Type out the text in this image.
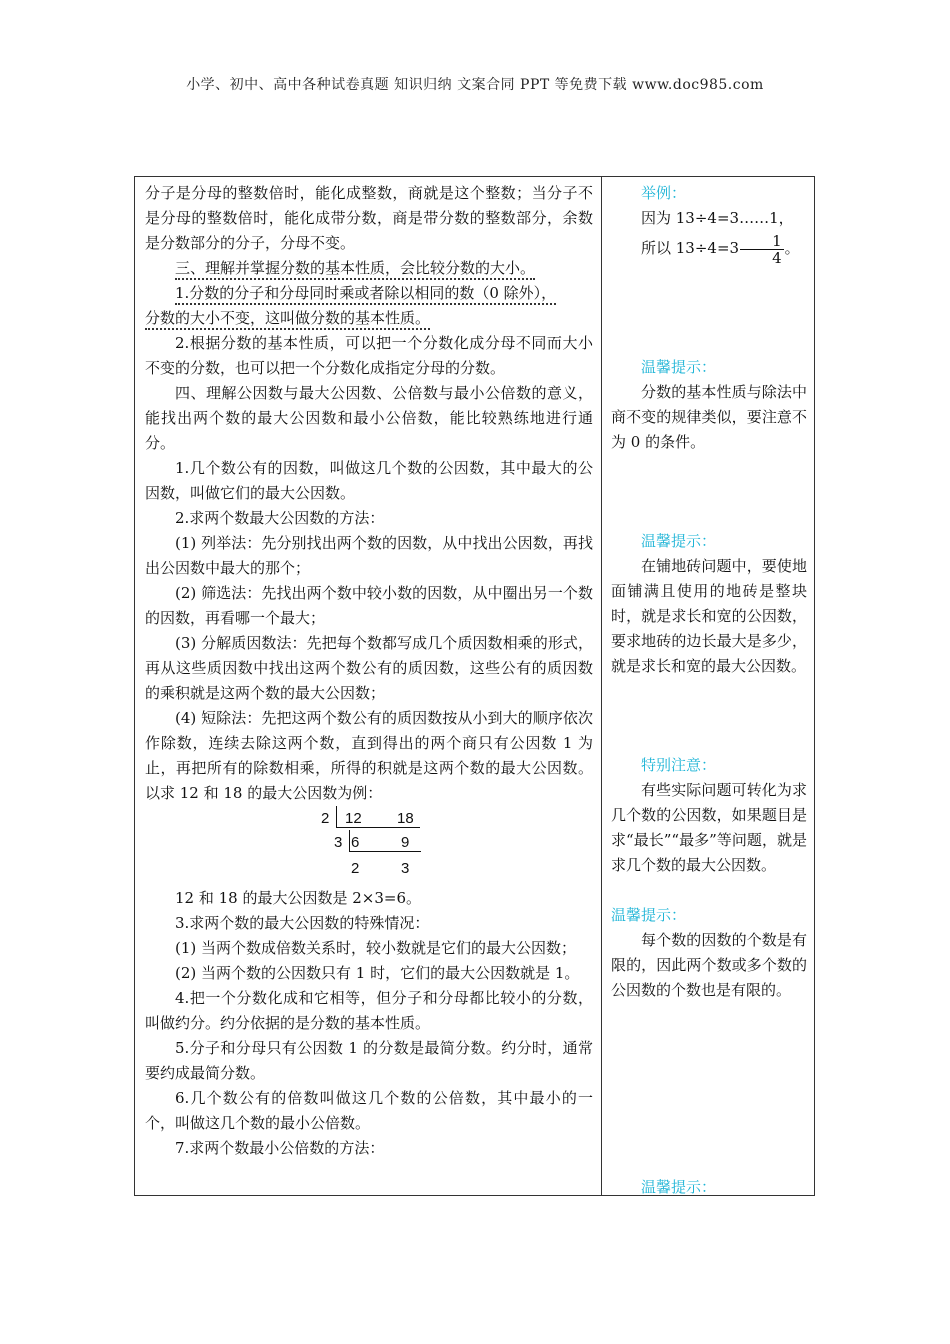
小学、初中、高中各种试卷真题 知识归纳 文案合同 PPT 等免费下载 www.doc985.com

分子是分母的整数倍时，能化成整数，商就是这个整数；当分子不是分母的整数倍时，能化成带分数，商是带分数的整数部分，余数是分数部分的分子，分母不变。

三、理解并掌握分数的基本性质，会比较分数的大小。

1.分数的分子和分母同时乘或者除以相同的数（0 除外），
分数的大小不变，这叫做分数的基本性质。

2.根据分数的基本性质，可以把一个分数化成分母不同而大小不变的分数，也可以把一个分数化成指定分母的分数。

四、理解公因数与最大公因数、公倍数与最小公倍数的意义，能找出两个数的最大公因数和最小公倍数，能比较熟练地进行通分。

1.几个数公有的因数，叫做这几个数的公因数，其中最大的公因数，叫做它们的最大公因数。

2.求两个数最大公因数的方法：

(1) 列举法：先分别找出两个数的因数，从中找出公因数，再找出公因数中最大的那个；

(2) 筛选法：先找出两个数中较小数的因数，从中圈出另一个数的因数，再看哪一个最大；

(3) 分解质因数法：先把每个数都写成几个质因数相乘的形式，再从这些质因数中找出这两个数公有的质因数，这些公有的质因数的乘积就是这两个数的最大公因数；

(4) 短除法：先把这两个数公有的质因数按从小到大的顺序依次作除数，连续去除这两个数，直到得出的两个商只有公因数 1 为止，再把所有的除数相乘，所得的积就是这两个数的最大公因数。以求 12 和 18 的最大公因数为例：

2 12 18
3 6	9
2	3

12 和 18 的最大公因数是 2×3=6。

3.求两个数的最大公因数的特殊情况：

(1) 当两个数成倍数关系时，较小数就是它们的最大公因数；

(2) 当两个数的公因数只有 1 时，它们的最大公因数就是 1。

4.把一个分数化成和它相等，但分子和分母都比较小的分数，叫做约分。约分依据的是分数的基本性质。

5.分子和分母只有公因数 1 的分数是最简分数。约分时，通常要约成最简分数。

6.几个数公有的倍数叫做这几个数的公倍数，其中最小的一个，叫做这几个数的最小公倍数。

7.求两个数最小公倍数的方法：

举例：

因为 13÷4=3……1，

所以 $13\div 4=3 \frac{1}{4}$ 。

温馨提示：

分数的基本性质与除法中商不变的规律类似，要注意不为 0 的条件。

温馨提示：

在铺地砖问题中，要使地面铺满且使用的地砖是整块时，就是求长和宽的公因数，要求地砖的边长最大是多少，就是求长和宽的最大公因数。

特别注意：

有些实际问题可转化为求几个数的公因数，如果题目是求“最长”“最多”等问题，就是求几个数的最大公因数。

温馨提示：

每个数的因数的个数是有限的，因此两个数或多个数的公因数的个数也是有限的。

温馨提示：
